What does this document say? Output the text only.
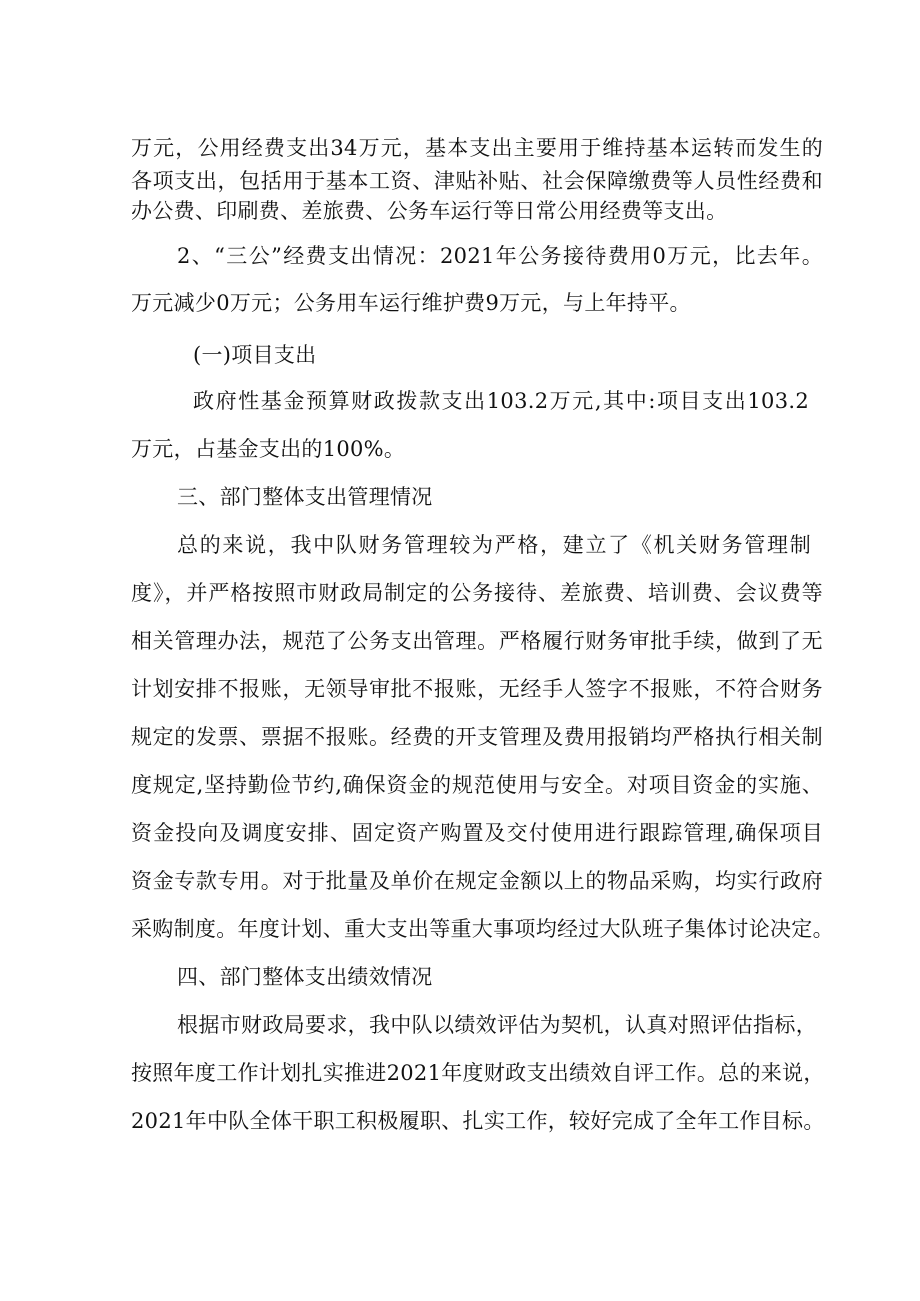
万元，公用经费支出34万元，基本支出主要用于维持基本运转而发生的
各项支出，包括用于基本工资、津贴补贴、社会保障缴费等人员性经费和
办公费、印刷费、差旅费、公务车运行等日常公用经费等支出。
2、“三公”经费支出情况：2021年公务接待费用0万元，比去年。
万元减少0万元；公务用车运行维护费9万元，与上年持平。
(一)项目支出
政府性基金预算财政拨款支出103.2万元,其中:项目支出103.2
万元，占基金支出的100%。
三、部门整体支出管理情况
总的来说，我中队财务管理较为严格，建立了《机关财务管理制
度》，并严格按照市财政局制定的公务接待、差旅费、培训费、会议费等
相关管理办法，规范了公务支出管理。严格履行财务审批手续，做到了无
计划安排不报账，无领导审批不报账，无经手人签字不报账，不符合财务
规定的发票、票据不报账。经费的开支管理及费用报销均严格执行相关制
度规定,坚持勤俭节约,确保资金的规范使用与安全。对项目资金的实施、
资金投向及调度安排、固定资产购置及交付使用进行跟踪管理,确保项目
资金专款专用。对于批量及单价在规定金额以上的物品采购，均实行政府
采购制度。年度计划、重大支出等重大事项均经过大队班子集体讨论决定。
四、部门整体支出绩效情况
根据市财政局要求，我中队以绩效评估为契机，认真对照评估指标，
按照年度工作计划扎实推进2021年度财政支出绩效自评工作。总的来说，
2021年中队全体干职工积极履职、扎实工作，较好完成了全年工作目标。
